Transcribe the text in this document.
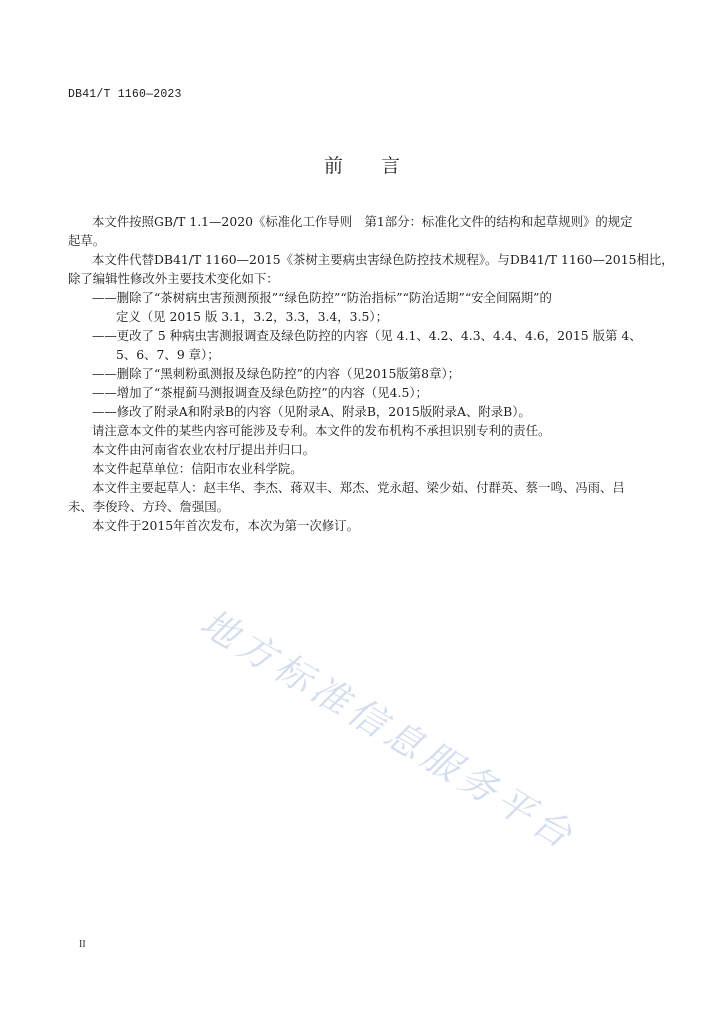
DB41/T 1160—2023
前　　言
本文件按照GB/T 1.1—2020《标准化工作导则　第1部分：标准化文件的结构和起草规则》的规定
起草。
本文件代替DB41/T 1160—2015《茶树主要病虫害绿色防控技术规程》。与DB41/T 1160—2015相比，
除了编辑性修改外主要技术变化如下：
——删除了“茶树病虫害预测预报”“绿色防控”“防治指标”“防治适期”“安全间隔期”的
定义（见 2015 版 3.1，3.2，3.3，3.4，3.5）；
——更改了 5 种病虫害测报调查及绿色防控的内容（见 4.1、4.2、4.3、4.4、4.6，2015 版第 4、
5、6、7、9 章）；
——删除了“黑刺粉虱测报及绿色防控”的内容（见2015版第8章）；
——增加了“茶棍蓟马测报调查及绿色防控”的内容（见4.5）；
——修改了附录A和附录B的内容（见附录A、附录B，2015版附录A、附录B）。
请注意本文件的某些内容可能涉及专利。本文件的发布机构不承担识别专利的责任。
本文件由河南省农业农村厅提出并归口。
本文件起草单位：信阳市农业科学院。
本文件主要起草人：赵丰华、李杰、蒋双丰、郑杰、党永超、梁少茹、付群英、蔡一鸣、冯雨、吕
未、李俊玲、方玲、詹强国。
本文件于2015年首次发布，本次为第一次修订。
地方标准信息服务平台
II
